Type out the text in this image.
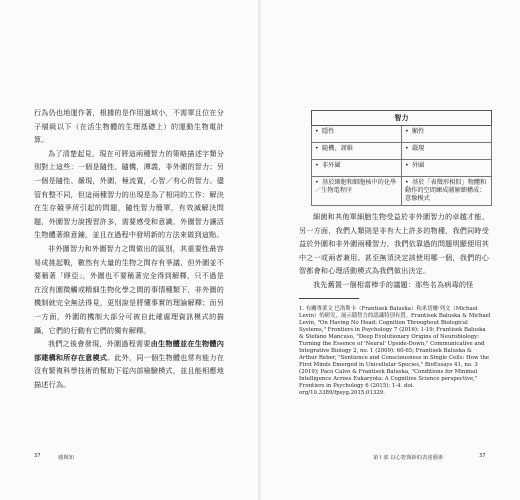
行為仍也地運作著，根據的是作用過域小，不需單且位在分子層級以下（在活生物體的生理基礎上）的運動生物電計算。

為了清楚起見，現在可將這兩種智力的策略描述字類分別對上這些：一個是隨性、隨機，潭義，非外圍的智力；另一個是隨性、嚴現，外圍，極流置，心智／有心的智力。儘管有整不同，但這兩種智力的出現是為了相同的工作：解決在生存競爭所引起的問題，隨性智力簡單，有效滅解決問題，外圍智力說搜習許多，需要感受和意識，外圍智力讓活生物體著維意鋪，並且在過程中發明新的方法來做到這點。

非外圍智力和外圍智力之間做出的區別，其重要性最容易成挑起戰，數然有大量的生物之間存有爭議，但外圍並不要稱著「睜亞」，外圍也不要稱著完全得到解釋，只不過是在沒有圍徵觸或精細生物化學之間的事情種類下，非外圍的機制就完全無法得見，更別說是將懂事實的理論解釋；而另一方面，外圍的機制大部分可被自此確處理資訊模式的描躡，它們的行動有它們的獨有解釋。

我們之後會發現，外圍過程需要由生物體並在生物體內部建構和所存在意模式。此外，同一個生物體也常有能力在沒有繁複科學技術的幫助下從內部檢驗模式，並且能相應地描述行為。

37	感與知
智力	
• 隱性	• 顯性
• 隨機、謹維	• 嚴現
• 非外圍	• 外圍
• 基於細胞和細胞核中的化學／生物電程序	• 基於「表徵形相似」物體和動作的空間練成圖解細構成：意像模式

細菌和其他單細胞生物受益於非外圍智力的卓越才能、另一方面，我們人類則是非有大上許多的物種，我們同時受益於外圍和非外圍兩種智力，我們依靠過的問題明顯便用其中之一或兩者兼用。甚至無須決定該使用哪一個，我們的心智都會和心理活動模式為我們做出決定。

我先舊置一個相當棒手的議題：那些名為病毒的怪

1. 有關專業文 巴洛斯卡（Frantisek Baluska）和米切爾·列文（Michael Levin）的研究，展示隱智力的認識特別有質。Frantisek Baluska & Michael Levin, "On Having No Head: Cognition Throughout Biological Systems," Frontiers in Psychology 7 (2016): 1-19; Frantisek Baluska & Stefano Mancuso, "Deep Evolutionary Origins of Neurobiology: Turning the Essence of 'Neural' Upside-Down," Communicative and Integrative Biology 2, no. 1 (2009): 60-65; Frantisek Baluska & Arthur Reber, "Sentience and Consciousness in Single Cells: How the First Minds Emerged in Unicellular Species," BioEssays 41, no. 3 (2019); Paco Calvo & Frantisek Baluska, "Conditions for Minimal Intelligence Across Eukaryota: A Cognitive Science perspective," Frontiers in Psychology 6 (2015): 1-4. doi. org/10.3389/fpsyg.2015.01329.

第 I 部 以心智與新的表達藝術	37
